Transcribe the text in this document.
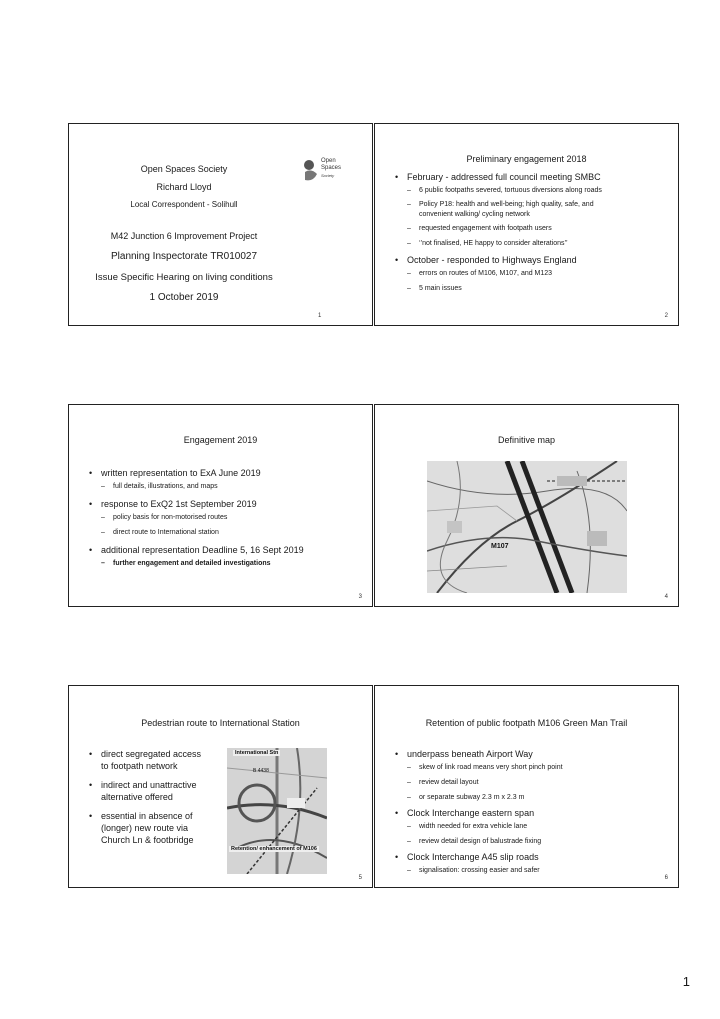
Open Spaces Society
Open
Spaces
Society
Richard Lloyd
Local Correspondent - Solihull
M42 Junction 6 Improvement Project
Planning Inspectorate TR010027
Issue Specific Hearing on living conditions
1 October 2019
1
Preliminary engagement 2018
• February - addressed full council meeting SMBC
– 6 public footpaths severed, tortuous diversions along roads
– Policy P18: health and well-being; high quality, safe, and
convenient walking/ cycling network
– requested engagement with footpath users
– ‘’not finalised, HE happy to consider alterations’’
• October - responded to Highways England
– errors on routes of M106, M107, and M123
– 5 main issues
2
Engagement 2019
• written representation to ExA June 2019
– full details, illustrations, and maps
• response to ExQ2 1st September 2019
– policy basis for non-motorised routes
– direct route to International station
• additional representation Deadline 5, 16 Sept 2019
– further engagement and detailed investigations
3
Definitive map
M107
4
Pedestrian route to International Station
• direct segregated access
to footpath network
• indirect and unattractive
alternative offered
• essential in absence of
(longer) new route via
Church Ln & footbridge
International Stn
B 4438
Retention/ enhancement of M106
5
Retention of public footpath M106 Green Man Trail
• underpass beneath Airport Way
– skew of link road means very short pinch point
– review detail layout
– or separate subway 2.3 m x 2.3 m
• Clock Interchange eastern span
– width needed for extra vehicle lane
– review detail design of balustrade fixing
• Clock Interchange A45 slip roads
– signalisation: crossing easier and safer
6
1
